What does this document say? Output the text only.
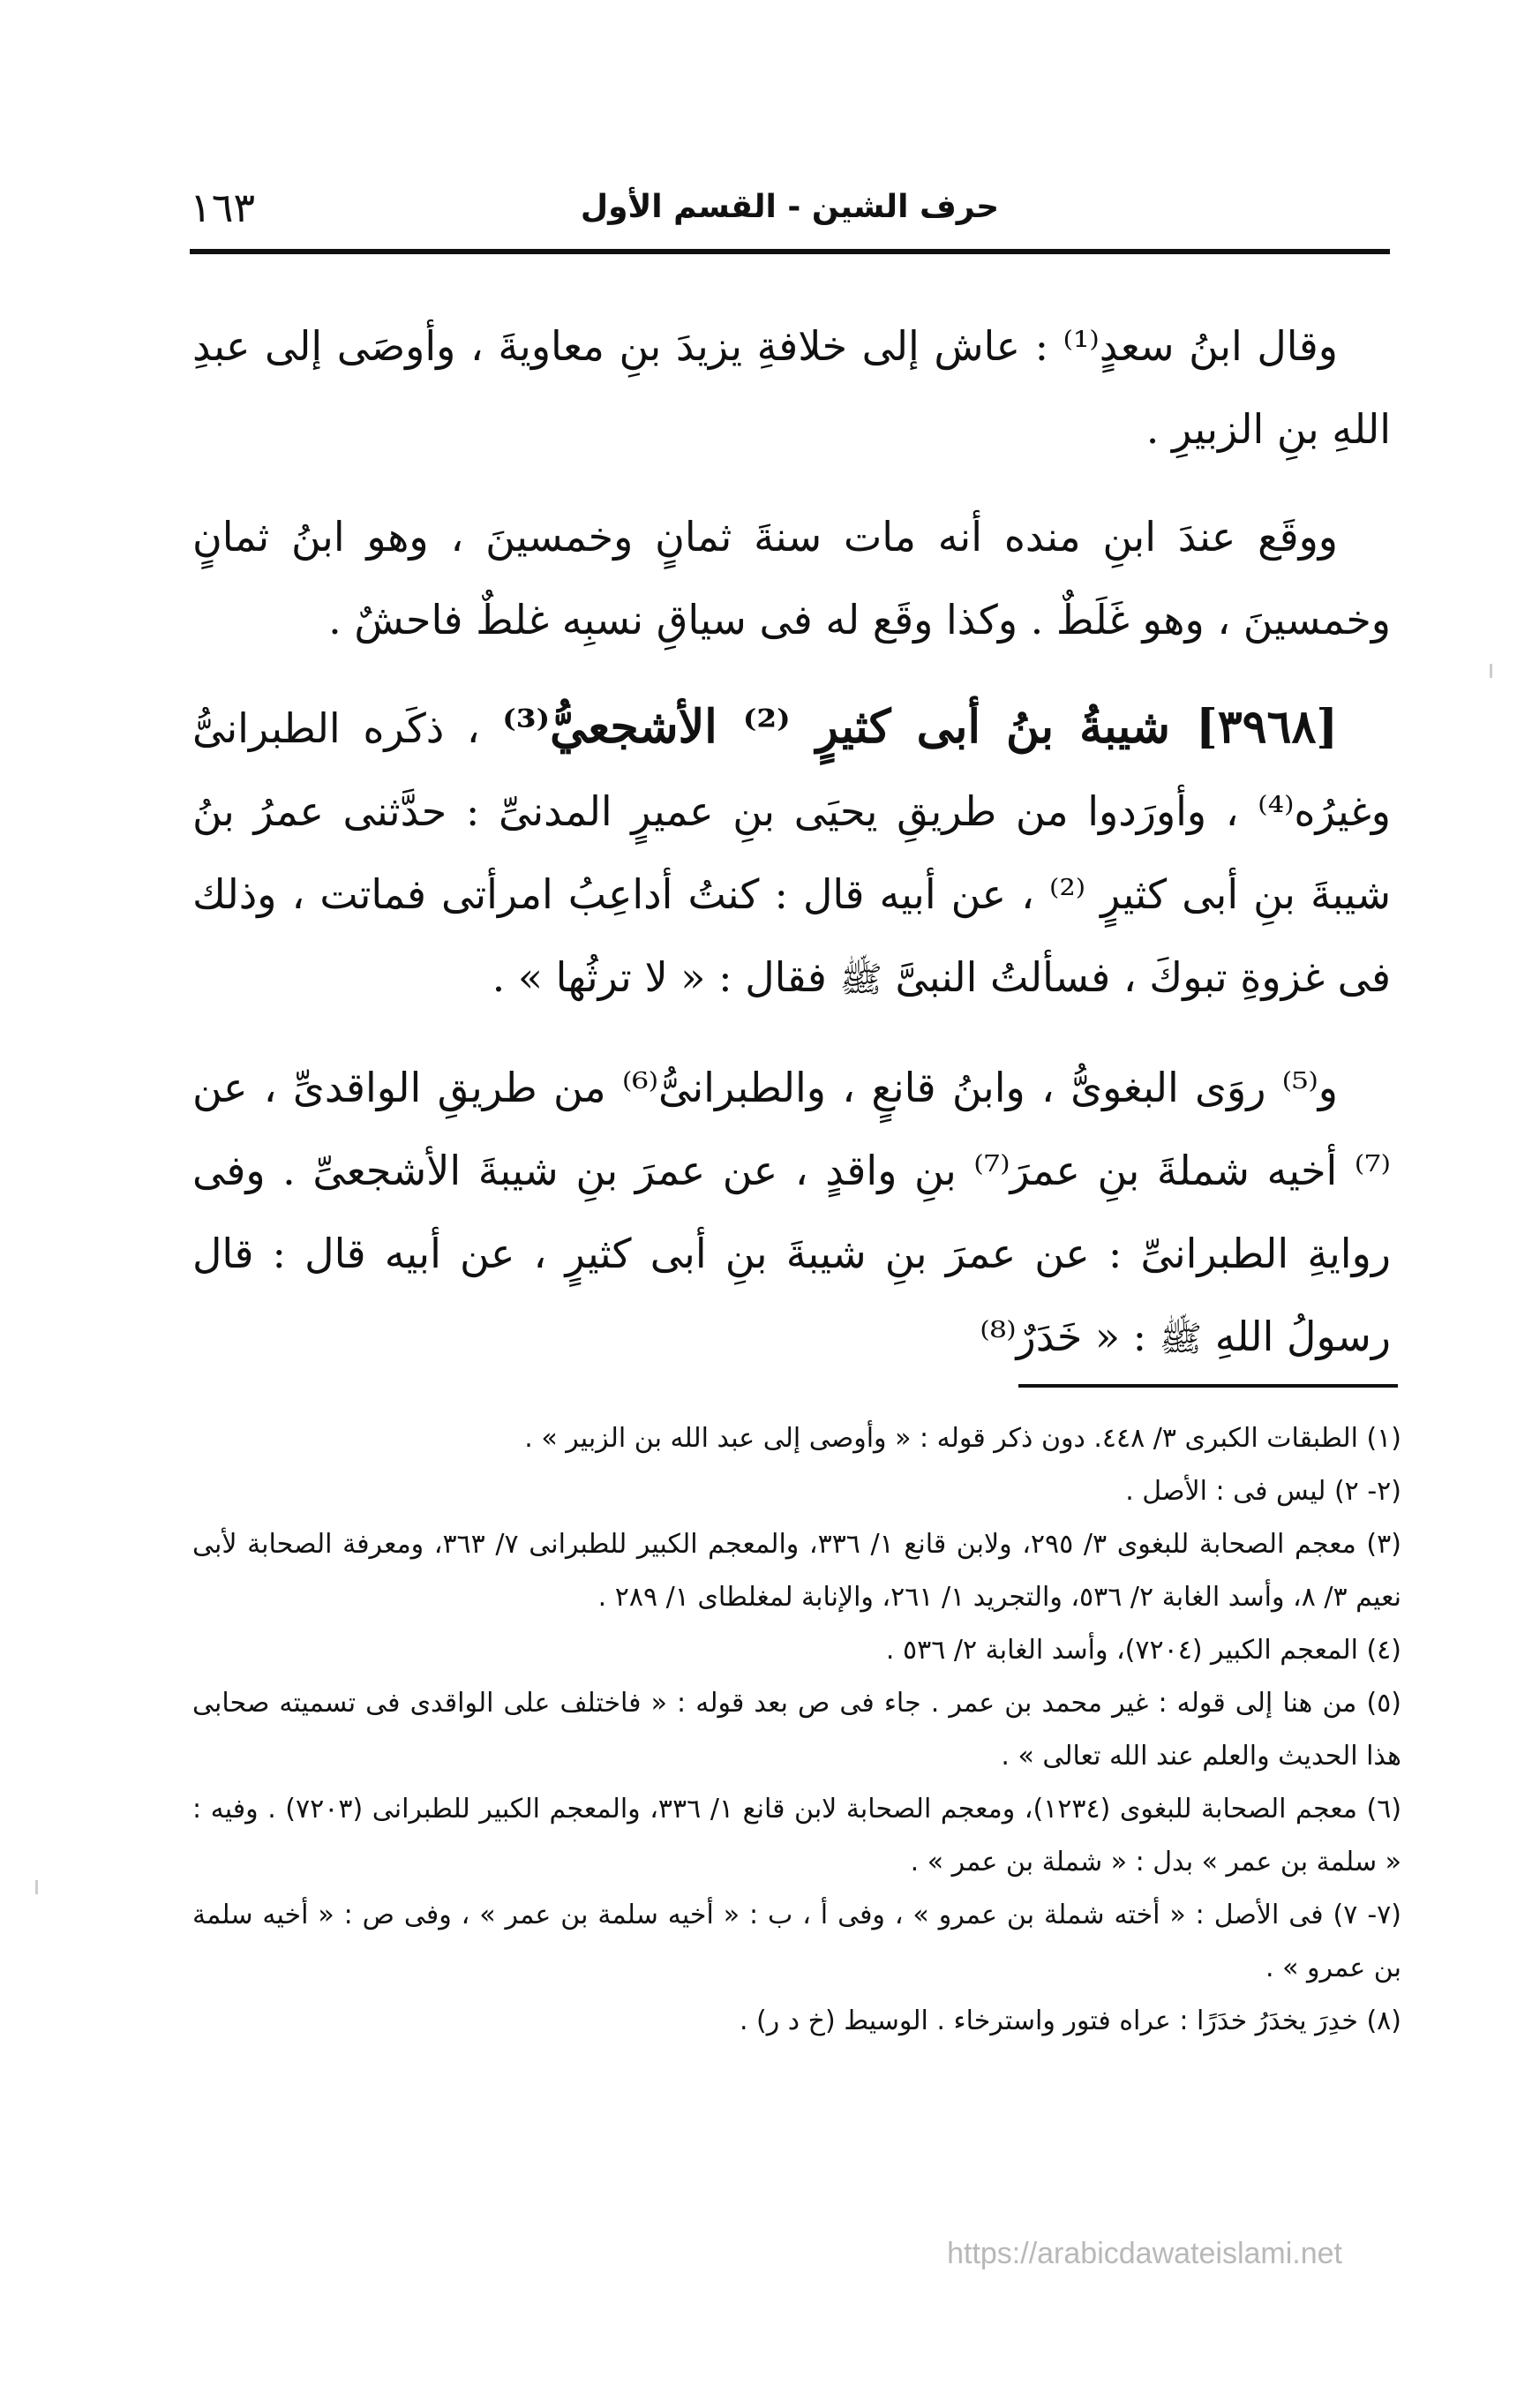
حرف الشين - القسم الأول
١٦٣

وقال ابنُ سعدٍ⁽¹⁾ : عاش إلى خلافةِ يزيدَ بنِ معاويةَ ، وأوصَى إلى عبدِ اللهِ بنِ الزبيرِ .

ووقَع عندَ ابنِ منده أنه مات سنةَ ثمانٍ وخمسينَ ، وهو ابنُ ثمانٍ وخمسينَ ، وهو غَلَطٌ . وكذا وقَع له فى سياقِ نسبِه غلطٌ فاحشٌ .

[٣٩٦٨] شيبةُ بنُ أبى كثيرٍ ⁽²⁾ الأشجعيُّ⁽³⁾ ، ذكَره الطبرانىُّ وغيرُه⁽⁴⁾ ، وأورَدوا من طريقِ يحيَى بنِ عميرٍ المدنىِّ : حدَّثنى عمرُ بنُ شيبةَ بنِ أبى كثيرٍ ⁽²⁾ ، عن أبيه قال : كنتُ أداعِبُ امرأتى فماتت ، وذلك فى غزوةِ تبوكَ ، فسألتُ النبىَّ ﷺ فقال : « لا ترثُها » .

و⁽⁵⁾ روَى البغوىُّ ، وابنُ قانعٍ ، والطبرانىُّ⁽⁶⁾ من طريقِ الواقدىِّ ، عن ⁽⁷⁾ أخيه شملةَ بنِ عمرَ⁽⁷⁾ بنِ واقدٍ ، عن عمرَ بنِ شيبةَ الأشجعىِّ . وفى روايةِ الطبرانىِّ : عن عمرَ بنِ شيبةَ بنِ أبى كثيرٍ ، عن أبيه قال : قال رسولُ اللهِ ﷺ : « خَدَرٌ⁽⁸⁾

(١) الطبقات الكبرى ٣/ ٤٤٨. دون ذكر قوله : « وأوصى إلى عبد الله بن الزبير » .

(٢- ٢) ليس فى : الأصل .

(٣) معجم الصحابة للبغوى ٣/ ٢٩٥، ولابن قانع ١/ ٣٣٦، والمعجم الكبير للطبرانى ٧/ ٣٦٣، ومعرفة الصحابة لأبى نعيم ٣/ ٨، وأسد الغابة ٢/ ٥٣٦، والتجريد ١/ ٢٦١، والإنابة لمغلطاى ١/ ٢٨٩ .

(٤) المعجم الكبير (٧٢٠٤)، وأسد الغابة ٢/ ٥٣٦ .

(٥) من هنا إلى قوله : غير محمد بن عمر . جاء فى ص بعد قوله : « فاختلف على الواقدى فى تسميته صحابى هذا الحديث والعلم عند الله تعالى » .

(٦) معجم الصحابة للبغوى (١٢٣٤)، ومعجم الصحابة لابن قانع ١/ ٣٣٦، والمعجم الكبير للطبرانى (٧٢٠٣) . وفيه : « سلمة بن عمر » بدل : « شملة بن عمر » .

(٧- ٧) فى الأصل : « أخته شملة بن عمرو » ، وفى أ ، ب : « أخيه سلمة بن عمر » ، وفى ص : « أخيه سلمة بن عمرو » .

(٨) خدِرَ يخدَرُ خدَرًا : عراه فتور واسترخاء . الوسيط (خ د ر) .

https://arabicdawateislami.net
